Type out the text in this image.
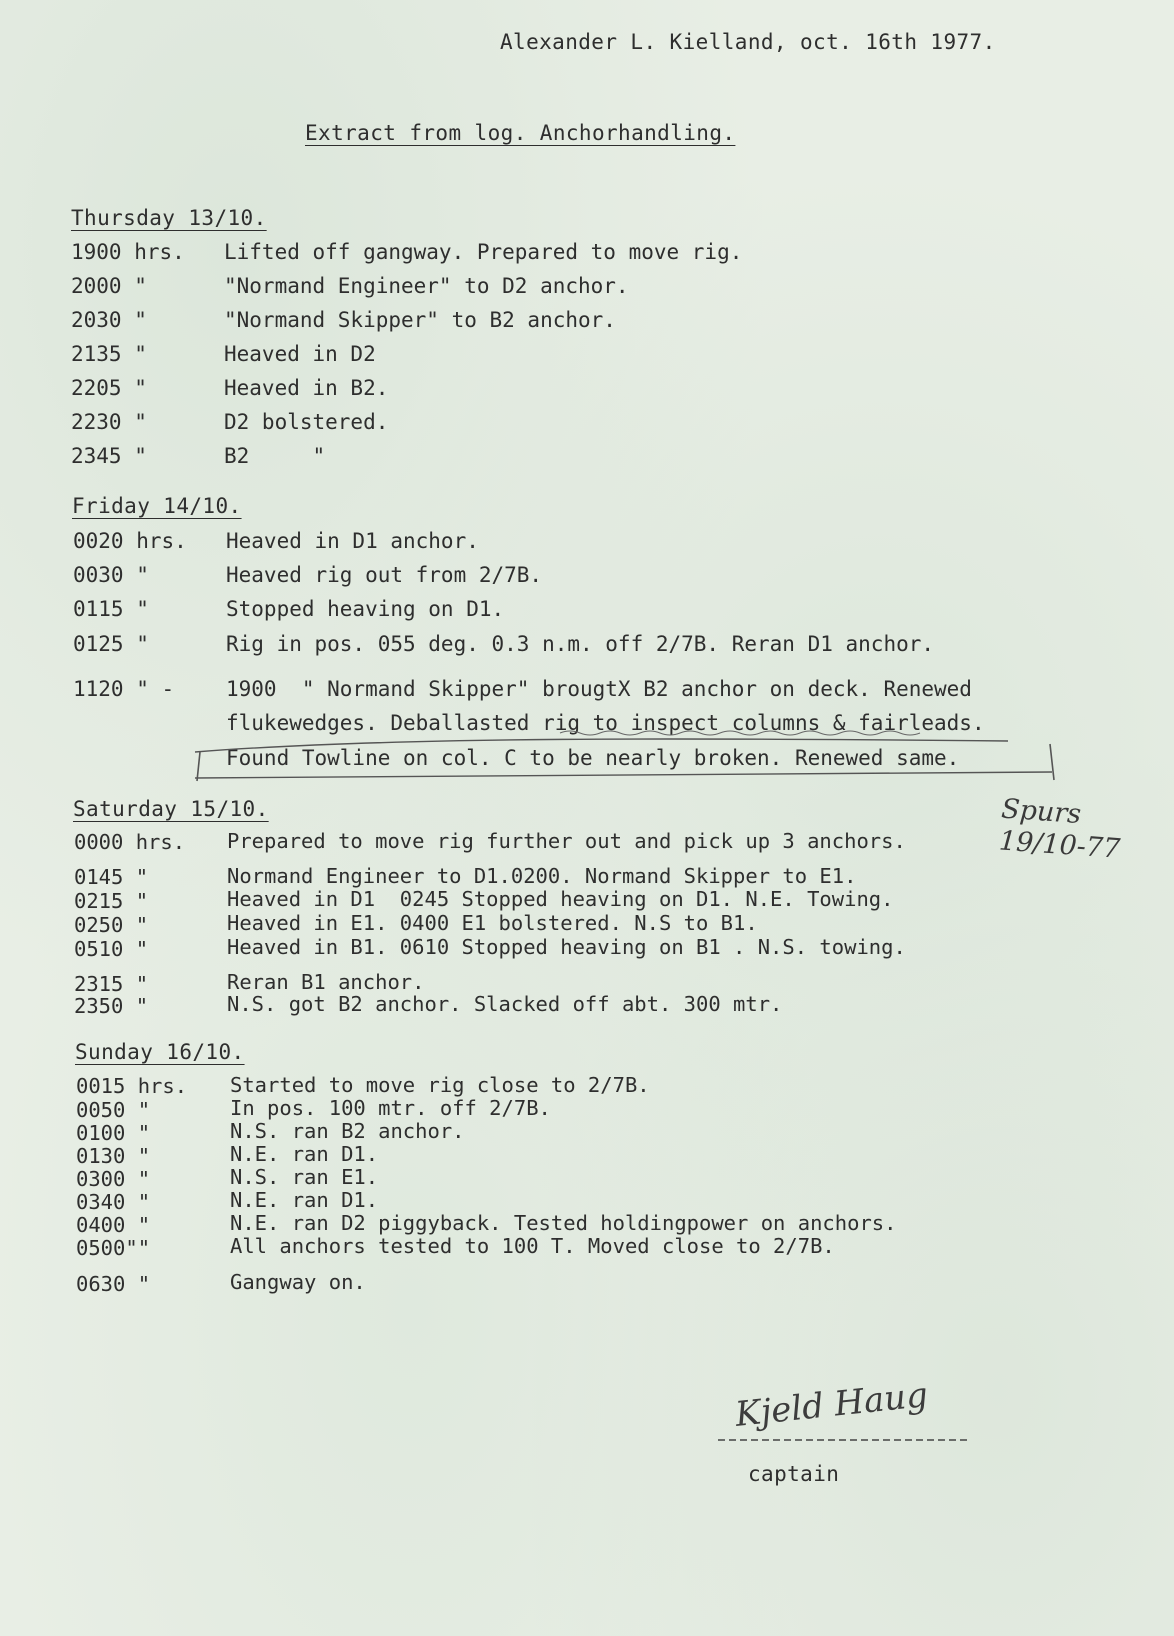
Alexander L. Kielland, oct. 16th 1977.
Extract from log. Anchorhandling.
Thursday 13/10.
1900 hrs. Lifted off gangway. Prepared to move rig.
2000 "	"Normand Engineer" to D2 anchor.
2030 "	"Normand Skipper" to B2 anchor.
2135 "	Heaved in D2
2205 "	Heaved in B2.
2230 "	D2 bolstered.
2345 "	B2     "
Friday 14/10.
0020 hrs. Heaved in D1 anchor.
0030 "	Heaved rig out from 2/7B.
0115 "	Stopped heaving on D1.
0125 "	Rig in pos. 055 deg. 0.3 n.m. off 2/7B. Reran D1 anchor.
1120 " - 1900  " Normand Skipper" brougtX B2 anchor on deck. Renewed
flukewedges. Deballasted rig to inspect columns & fairleads.
Found Towline on col. C to be nearly broken. Renewed same.
Saturday 15/10.
0000 hrs. Prepared to move rig further out and pick up 3 anchors.
0145 "	Normand Engineer to D1.0200. Normand Skipper to E1.
0215 "	Heaved in D1  0245 Stopped heaving on D1. N.E. Towing.
0250 "	Heaved in E1. 0400 E1 bolstered. N.S to B1.
0510 "	Heaved in B1. 0610 Stopped heaving on B1 . N.S. towing.
2315 "	Reran B1 anchor.
2350 "	N.S. got B2 anchor. Slacked off abt. 300 mtr.
Sunday 16/10.
0015 hrs. Started to move rig close to 2/7B.
0050 "	In pos. 100 mtr. off 2/7B.
0100 "	N.S. ran B2 anchor.
0130 "	N.E. ran D1.
0300 "	N.S. ran E1.
0340 "	N.E. ran D1.
0400 "	N.E. ran D2 piggyback. Tested holdingpower on anchors.
0500""	All anchors tested to 100 T. Moved close to 2/7B.
0630 "	Gangway on.
Spurs 19/10-77
Kjeld Haug
captain
